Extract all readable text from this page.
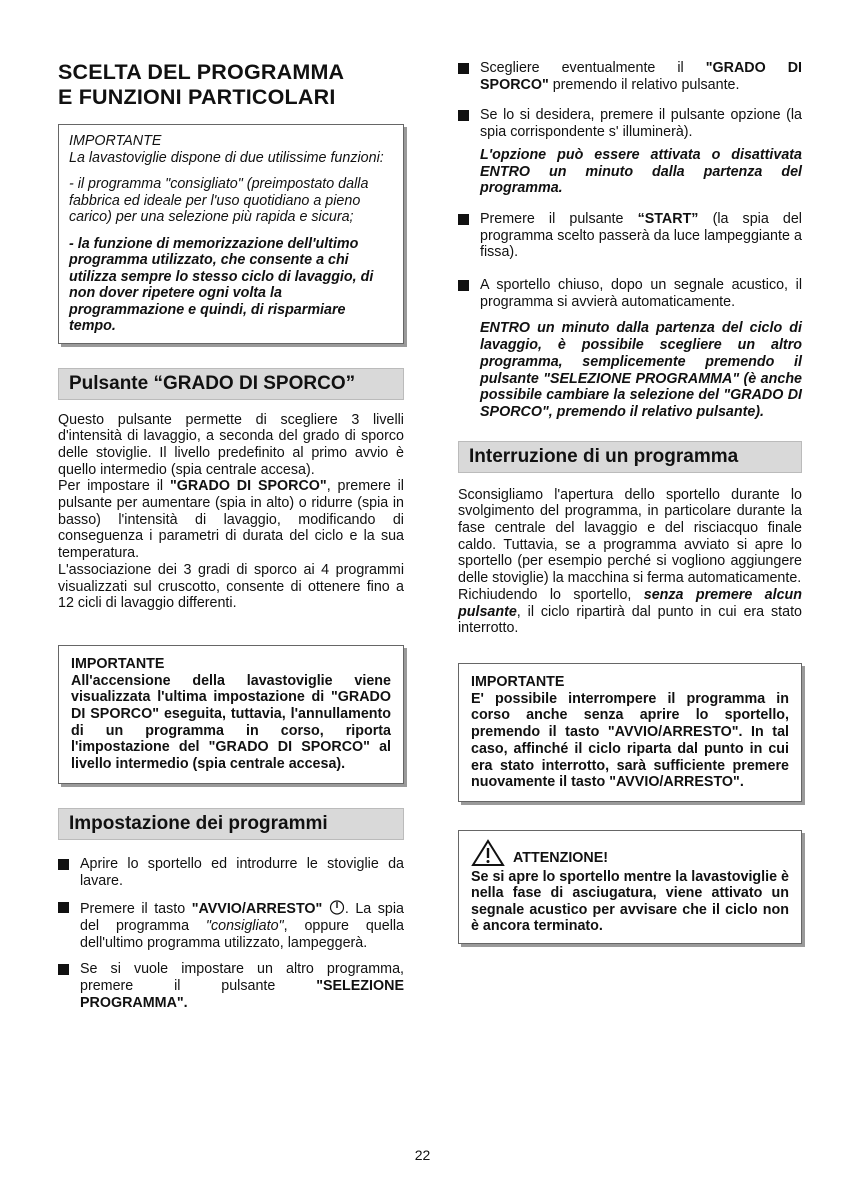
SCELTA DEL PROGRAMMA
E FUNZIONI PARTICOLARI

IMPORTANTE

La lavastoviglie dispone di due utilissime funzioni:

- il programma "consigliato" (preimpostato dalla fabbrica ed ideale per l'uso quotidiano a pieno carico) per una selezione più rapida e sicura;

- la funzione di memorizzazione dell'ultimo programma utilizzato, che consente a chi utilizza sempre lo stesso ciclo di lavaggio, di non dover ripetere ogni volta la programmazione e quindi, di risparmiare tempo.

Pulsante “GRADO DI SPORCO”

Questo pulsante permette di scegliere 3 livelli d'intensità di lavaggio, a seconda del grado di sporco delle stoviglie. Il livello predefinito al primo avvio è quello intermedio (spia centrale accesa).

Per impostare il "GRADO DI SPORCO", premere il pulsante per aumentare (spia in alto) o ridurre (spia in basso) l'intensità di lavaggio, modificando di conseguenza i parametri di durata del ciclo e la sua temperatura.

L'associazione dei 3 gradi di sporco ai 4 programmi visualizzati sul cruscotto, consente di ottenere fino a 12 cicli di lavaggio differenti.

IMPORTANTE
All'accensione della lavastoviglie viene visualizzata l'ultima impostazione di "GRADO DI SPORCO" eseguita, tuttavia, l'annullamento di un programma in corso, riporta l'impostazione del "GRADO DI SPORCO" al livello intermedio (spia centrale accesa).
Impostazione dei programmi
Aprire lo sportello ed introdurre le stoviglie da lavare.
Premere il tasto "AVVIO/ARRESTO" . La spia del programma "consigliato", oppure quella dell'ultimo programma utilizzato, lampeggerà.
Se si vuole impostare un altro programma, premere il pulsante "SELEZIONE PROGRAMMA".
Scegliere eventualmente il "GRADO DI SPORCO" premendo il relativo pulsante.
Se lo si desidera, premere il pulsante opzione (la spia corrispondente s' illuminerà).
L'opzione può essere attivata o disattivata ENTRO un minuto dalla partenza del programma.
Premere il pulsante “START” (la spia del programma scelto passerà da luce lampeggiante a fissa).
A sportello chiuso, dopo un segnale acustico, il programma si avvierà automaticamente.
ENTRO un minuto dalla partenza del ciclo di lavaggio, è possibile scegliere un altro programma, semplicemente premendo il pulsante "SELEZIONE PROGRAMMA" (è anche possibile cambiare la selezione del "GRADO DI SPORCO", premendo il relativo pulsante).
Interruzione di un programma

Sconsigliamo l'apertura dello sportello durante lo svolgimento del programma, in particolare durante la fase centrale del lavaggio e del risciacquo finale caldo. Tuttavia, se a programma avviato si apre lo sportello (per esempio perché si vogliono aggiungere delle stoviglie) la macchina si ferma automaticamente.

Richiudendo lo sportello, senza premere alcun pulsante, il ciclo ripartirà dal punto in cui era stato interrotto.

IMPORTANTE
E' possibile interrompere il programma in corso anche senza aprire lo sportello, premendo il tasto "AVVIO/ARRESTO". In tal caso, affinché il ciclo riparta dal punto in cui era stato interrotto, sarà sufficiente premere nuovamente il tasto "AVVIO/ARRESTO".
ATTENZIONE!
Se si apre lo sportello mentre la lavastoviglie è nella fase di asciugatura, viene attivato un segnale acustico per avvisare che il ciclo non è ancora terminato.
22
